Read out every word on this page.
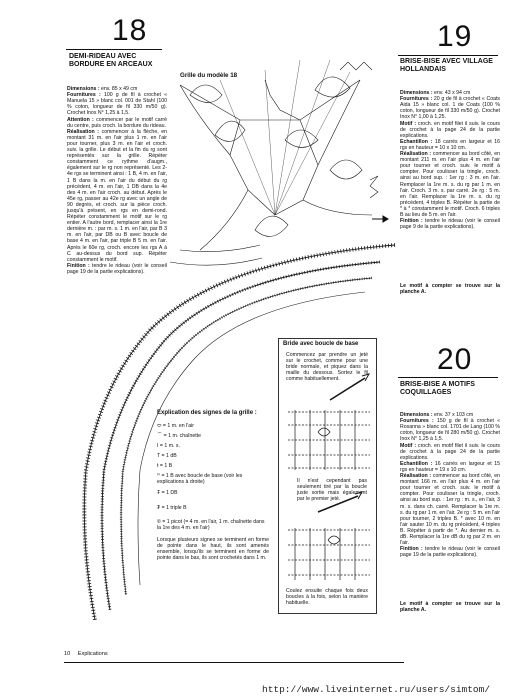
18
DEMI-RIDEAU AVEC
BORDURE EN ARCEAUX

Dimensions : env. 85 x 49 cm
Fournitures : 100 g de fil à crochet « Manuela 15 » blanc col. 001 de Stahl (100 % coton, longueur de fil 330 m/50 g). Crochet Inox N° 1,25 à 1,5.
Attention : commencer par le motif carré du centre, puis croch. la bordure du rideau.
Réalisation : commencer à la flèche, en montant 31 m. en l'air plus 1 m. en l'air pour tourner, plus 3 m. en l'air et croch. suiv. la grille. Le début et la fin du rg sont représentés sur la grille. Répéter constamment ce rythme d'augm., également sur le rg non représenté. Les 2-4e rgs se terminent ainsi : 1 B, 4 m. en l'air, 1 B dans la m. en l'air du début du rg précédent, 4 m. en l'air, 1 DB dans la 4e des 4 m. en l'air croch. au début. Après le 45e rg, passer au 42e rg avec un angle de 90 degrés, et croch. sur la pièce croch. jusqu'à présent, en rgs en demi-rond. Répéter constamment le motif sur le rg entier. A l'autre bord, remplacer ainsi la 1re dernière m. : par m. s. 1 m. en l'air, par B 3 m. en l'air, par DB ou B avec boucle de base 4 m. en l'air, par triple B 5 m. en l'air. Après le 60e rg, croch. encore les rgs A à C au-dessus du bord sup. Répéter constamment le motif.
Finition : tendre le rideau (voir le conseil page 19 de la partie explications).

Grille du modèle 18
19
BRISE-BISE AVEC VILLAGE
HOLLANDAIS

Dimensions : env. 43 x 94 cm
Fournitures : 20 g de fil à crochet « Coats Aida 15 » blanc col. 1 de Coats (100 % coton, longueur de fil 330 m/50 g). Crochet Inox N° 1,00 à 1,25.
Motif : croch. en motif filet il suiv. le cours de crochet à la page 24 de la partie explications.
Echantillon : 18 carrés en largeur et 16 rgs en hauteur = 10 x 10 cm.
Réalisation : commencer au bord côté, en montant 211 m. en l'air plus 4 m. en l'air pour tourner et croch. suiv. le motif à compter. Pour coulisser la tringle, croch. ainsi au bord sup. : 1er rg : 3 m. en l'air. Remplacer la 1re m. s. du rg par 1 m. en l'air. Croch. 3 m. s. par carré. 2e rg : 5 m. en l'air. Remplacer la 1re m. s. du rg précédent, 4 triples B. Répéter la partie de * à * constamment le motif. Croch. 6 triples B au lieu de 5 m. en l'air.
Finition : tendre le rideau (voir le conseil page 9 de la partie explications).

Le motif à compter se trouve sur la planche A.
20
BRISE-BISE A MOTIFS
COQUILLAGES

Dimensions : env. 37 x 103 cm
Fournitures : 150 g de fil à crochet « Rosanna » blanc col. 1701 de Lang (100 % coton, longueur de fil 280 m/50 g). Crochet Inox N° 1,25 à 1,5.
Motif : croch. en motif filet il suiv. le cours de crochet à la page 24 de la partie explications.
Echantillon : 16 carrés en largeur et 15 rgs en hauteur = 19 x 10 cm.
Réalisation : commencer au bord côté, en montant 166 m. en l'air plus 4 m. en l'air pour tourner et croch. suiv. le motif à compter. Pour coulisser la tringle, croch. ainsi au bord sup. : 1er rg : m. s., en l'air, 3 m. s. dans ch. carré. Remplacer la 1re m. s. du rg par 1 m. en l'air. 2e rg : 5 m. en l'air pour tourner, 2 triples B. * avec 10 m. en l'air sauter 10 m. du rg précédent, 4 triples B. Répéter à partir de *. Au dernier m. s. dB. Remplacer la 1re dB du rg par 2 m. en l'air.
Finition : tendre le rideau (voir le conseil page 19 de la partie explications).

Le motif à compter se trouve sur la planche A.
Explication des signes de la grille :
⬭ = 1 m. en l'air
⌒ = 1 m. chaînette
I = 1 m. s.
T = 1 dB
ŧ = 1 B
ꟸ = 1 B avec boucle de base (voir les explications à droite)
Ŧ = 1 DB
₮ = 1 triple B
℗ = 1 picot (= 4 m. en l'air, 1 m. chaînette dans la 1re des 4 m. en l'air)
Lorsque plusieurs signes se terminent en forme de pointe dans le haut, ils sont amenés ensemble, lorsqu'ils se terminent en forme de pointe dans le bas, ils sont crochetés dans 1 m.
Bride avec boucle de base
Commencez par prendre un jeté sur le crochet, comme pour une bride normale, et piquez dans la maille du dessous. Sortez le fil comme habituellement.
Il n'est cependant pas seulement tiré par la boucle juste sortie mais également par le premier jeté.
Coulez ensuite chaque fois deux boucles à la fois, selon la manière habituelle.
10 Explications
http://www.liveinternet.ru/users/simtom/
